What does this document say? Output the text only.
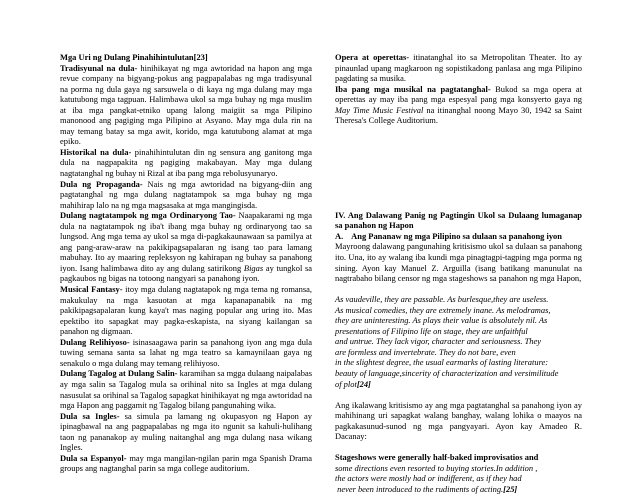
Mga Uri ng Dulang Pinahihintulutan[23]

Tradisyunal na dula- hinihikayat ng mga awtoridad na hapon ang mga revue company na bigyang-pokus ang pagpapalabas ng mga tradisyunal na porma ng dula gaya ng sarsuwela o di kaya ng mga dulang may mga katutubong mga tagpuan. Halimbawa ukol sa mga buhay ng mga muslim at iba mga pangkat-etniko upang lalong maigiit sa mga Pilipino manonood ang pagiging mga Pilipino at Asyano. May mga dula rin na may temang batay sa mga awit, korido, mga katutubong alamat at mga epiko.

Historikal na dula- pinahihintulutan din ng sensura ang ganitong mga dula na nagpapakita ng pagiging makabayan. May mga dulang nagtatanghal ng buhay ni Rizal at iba pang mga rebolusyunaryo.

Dula ng Propaganda- Nais ng mga awtoridad na bigyang-diin ang pagtatanghal ng mga dulang nagtatampok sa mga buhay ng mga mahihirap lalo na ng mga magsasaka at mga mangingisda.

Dulang nagtatampok ng mga Ordinaryong Tao- Naapakarami ng mga dula na nagtatampok ng iba't ibang mga buhay ng ordinaryong tao sa lungsod. Ang mga tema ay ukol sa mga di-pagkakaunawaan sa pamilya at ang pang-araw-araw na pakikipagsapalaran ng isang tao para lamang mabuhay. Ito ay maaring repleksyon ng kahirapan ng buhay sa panahong iyon. Isang halimbawa dito ay ang dulang satirikong Bigas ay tungkol sa pagkaubos ng bigas na totoong nangyari sa panahong iyon.

Musical Fantasy- itoy mga dulang nagtatapok ng mga tema ng romansa, makukulay na mga kasuotan at mga kapanapanabik na mg pakikipagsapalaran kung kaya't mas naging popular ang uring ito. Mas epektibo ito sapagkat may pagka-eskapista, na siyang kailangan sa panahon ng digmaan.

Dulang Relihiyoso- isinasaagawa parin sa panahong iyon ang mga dula tuwing semana santa sa lahat ng mga teatro sa kamaynilaan gaya ng senakulo o mga dulang may temang relihiyoso.

Dulang Tagalog at Dulang Salin- karamihan sa mgga dulaang naipalabas ay mga salin sa Tagalog mula sa orihinal nito sa Ingles at mga dulang nasusulat sa orihinal sa Tagalog sapagkat hinihikayat ng mga awtoridad na mga Hapon ang paggamit ng Tagalog bilang pangunahing wika.

Dula sa Ingles- sa simula pa lamang ng okupasyon ng Hapon ay ipinagbawal na ang pagpapalabas ng mga ito ngunit sa kahuli-hulihang taon ng pananakop ay muling naitanghal ang mga dulang nasa wikang Ingles.

Dula sa Espanyol- may mga mangilan-ngilan parin mga Spanish Drama groups ang nagtanghal parin sa mga college auditorium.

Opera at operettas- itinatanghal ito sa Metropolitan Theater. Ito ay pinaunlad upang magkaroon ng sopistikadong panlasa ang mga Pilipino pagdating sa musika.

Iba pang mga musikal na pagtatanghal- Bukod sa mga opera at operettas ay may iba pang mga espesyal pang mga konsyerto gaya ng May Time Music Festival na itinanghal noong Mayo 30, 1942 sa Saint Theresa's College Auditorium.

IV. Ang Dalawang Panig ng Pagtingin Ukol sa Dulaang lumaganap sa panahon ng Hapon

A.    Ang Pananaw ng mga Pilipino sa dulaan sa panahong iyon

Mayroong dalawang pangunahing kritisismo ukol sa dulaan sa panahong ito. Una, ito ay walang iba kundi mga pinagtagpi-tagping mga porma ng sining. Ayon kay Manuel Z. Arguilla (isang batikang manunulat na nagtrabaho bilang censor ng mga stageshows sa panahon ng mga Hapon,

As vaudeville, they are passable. As burlesque,they are useless.

As musical comedies, they are extremely inane. As melodramas,

they are uninteresting. As plays their value is absolutely nil. As

presentations of Filipino life on stage, they are unfaithful

and untrue. They lack vigor, character and seriousness. They

are formless and invertebrate. They do not bare, even

in the slightest degree, the usual earmarks of lasting literature:

beauty of language,sincerity of characterization and versimilitude

of plot[24]

Ang ikalawang kritisismo ay ang mga pagtatanghal sa panahong iyon ay mahihinang uri sapagkat walang banghay, walang lohika o maayos na pagkakasunud-sunod ng mga pangyayari. Ayon kay Amadeo R. Dacanay:

Stageshows were generally half-baked improvisatios and

some directions even resorted to buying stories.In addition ,

the actors were mostly had or indifferent, as if they had

never been introduced to the rudiments of acting.[25]
